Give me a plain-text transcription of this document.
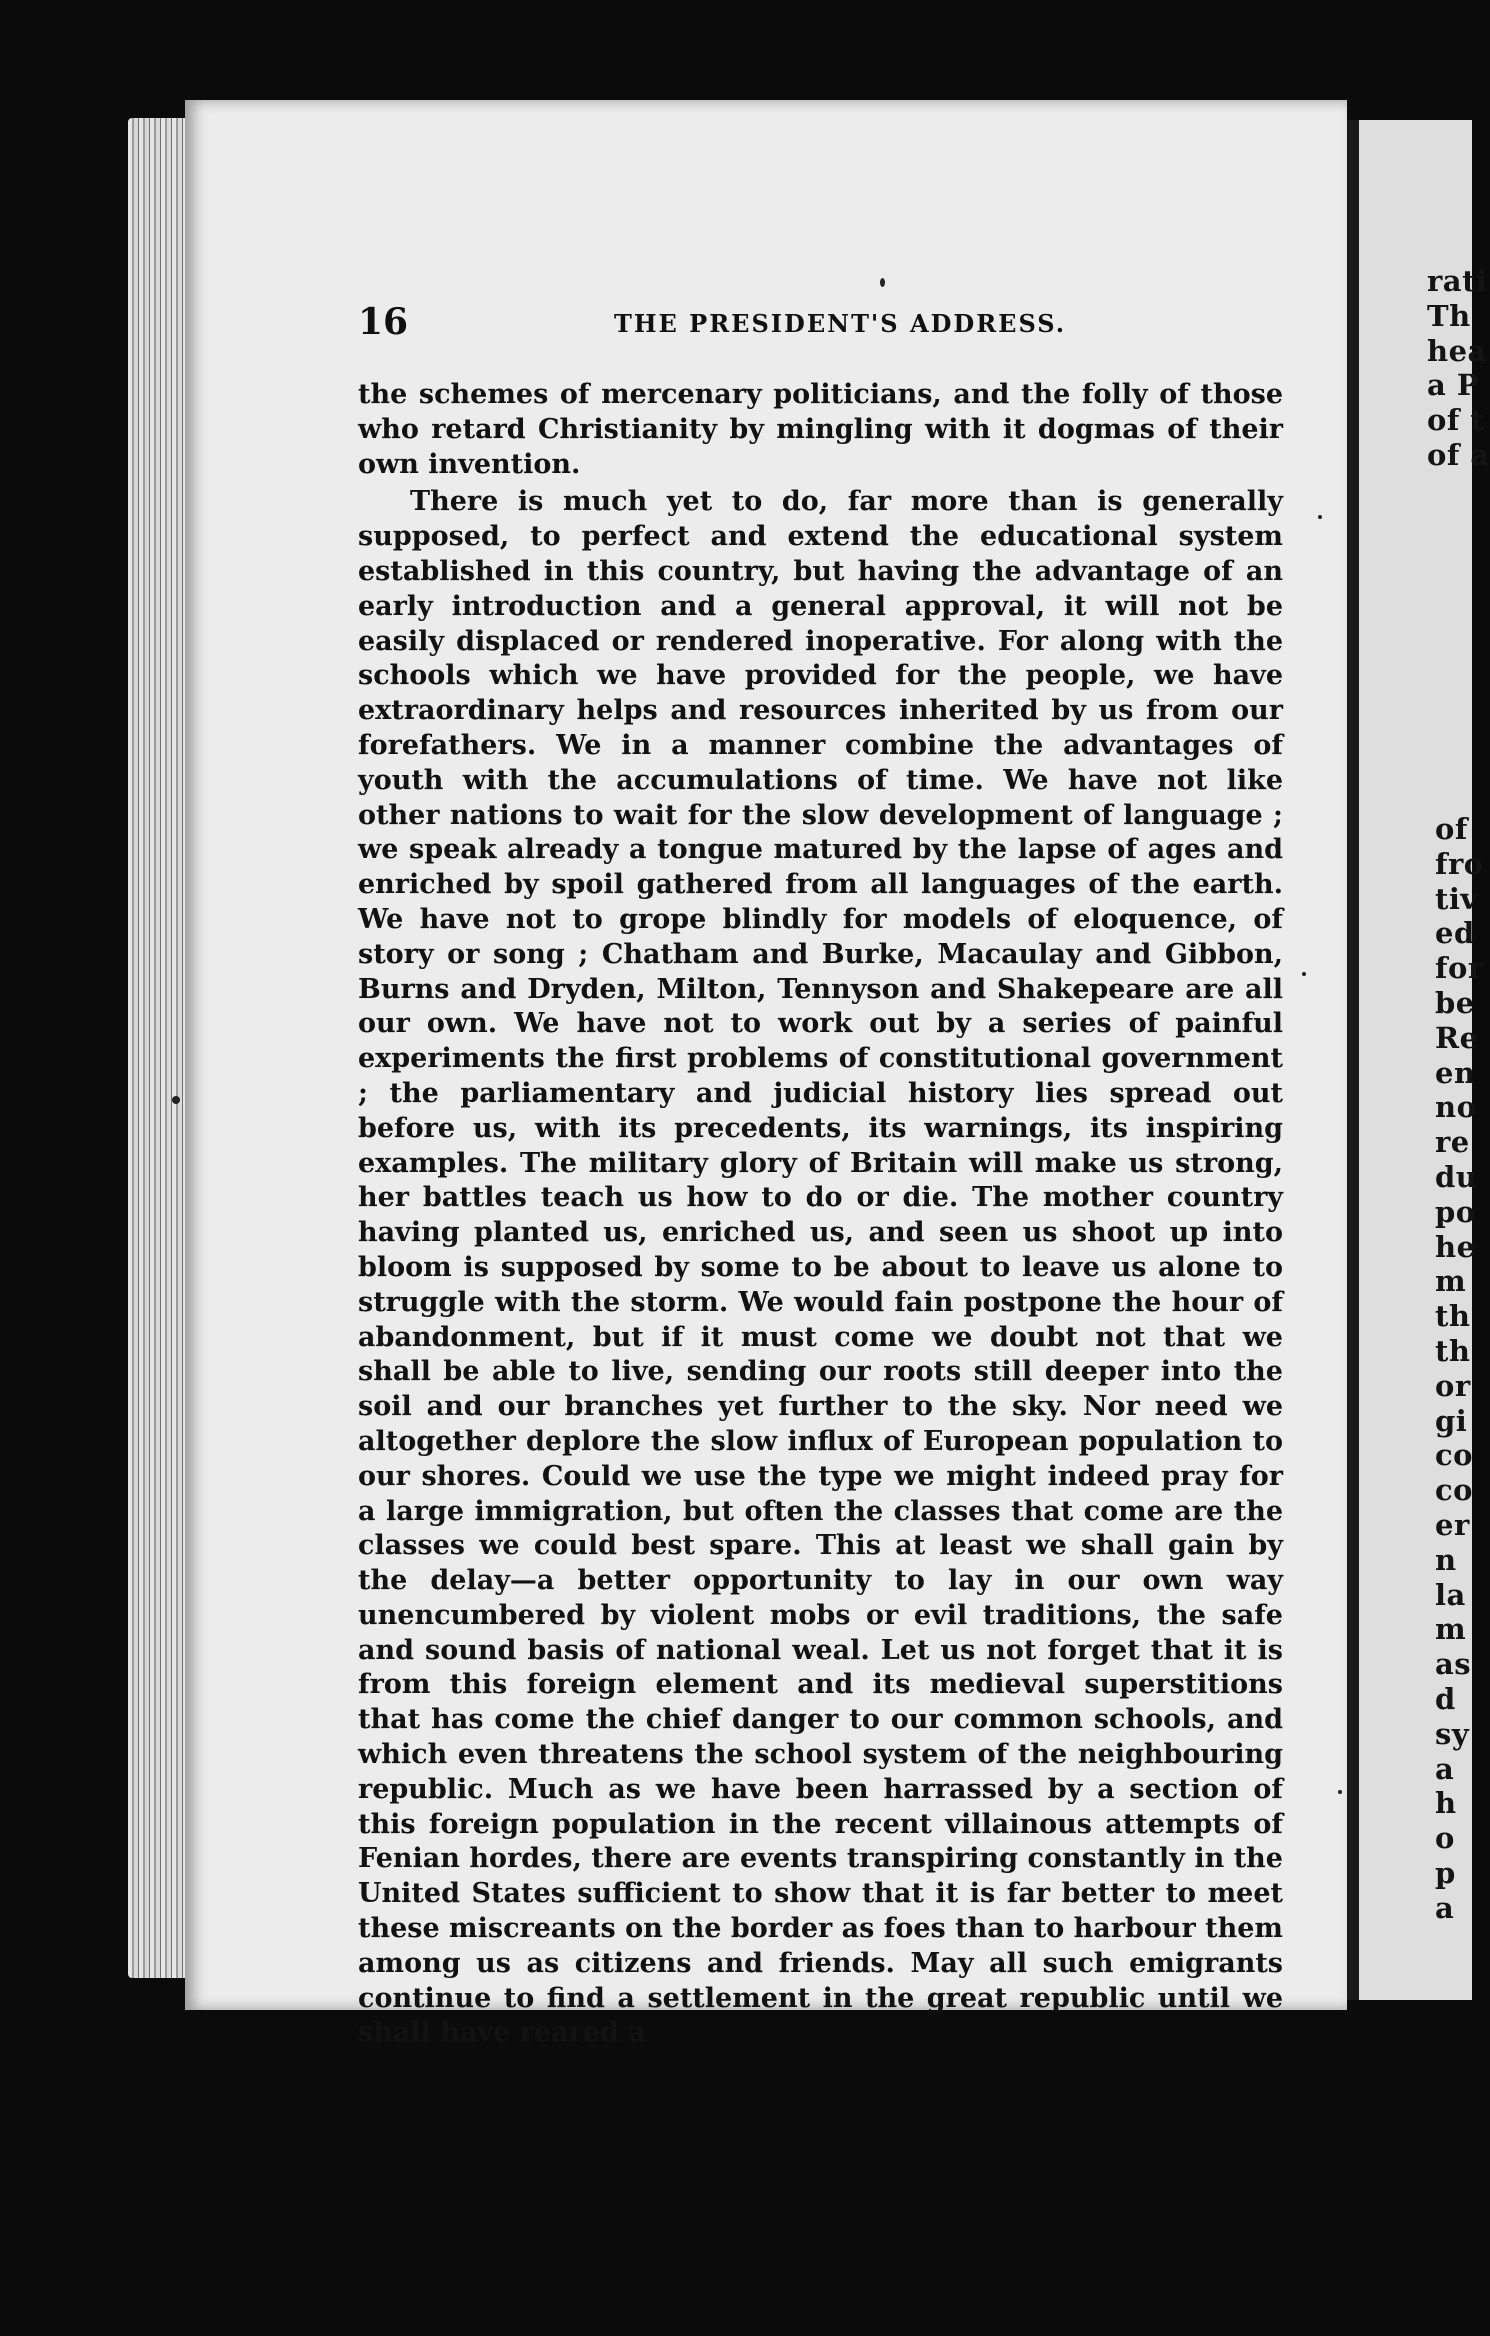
rati
Th
hea
a P
of t
of a
of
fro
tiv
ed
for
be
Re
en
no
re
du
po
he
m
th
th
or
gi
co
co
er
n
la
m
as
d
sy
a
h
o
p
a
16	THE PRESIDENT'S ADDRESS.

the schemes of mercenary politicians, and the folly of those who retard Christianity by mingling with it dogmas of their own invention.

There is much yet to do, far more than is generally supposed, to perfect and extend the educational system established in this country, but having the advantage of an early introduction and a general approval, it will not be easily displaced or rendered inoperative. For along with the schools which we have provided for the people, we have extraordinary helps and resources inherited by us from our forefathers. We in a manner combine the advantages of youth with the accumulations of time. We have not like other nations to wait for the slow development of language ; we speak already a tongue matured by the lapse of ages and enriched by spoil gathered from all languages of the earth. We have not to grope blindly for models of eloquence, of story or song ; Chatham and Burke, Macaulay and Gibbon, Burns and Dryden, Milton, Tennyson and Shakepeare are all our own. We have not to work out by a series of painful experiments the first problems of constitutional government ; the parliamentary and judicial history lies spread out before us, with its precedents, its warnings, its inspiring examples. The military glory of Britain will make us strong, her battles teach us how to do or die. The mother country having planted us, enriched us, and seen us shoot up into bloom is supposed by some to be about to leave us alone to struggle with the storm. We would fain postpone the hour of abandonment, but if it must come we doubt not that we shall be able to live, sending our roots still deeper into the soil and our branches yet further to the sky. Nor need we altogether deplore the slow influx of European population to our shores. Could we use the type we might indeed pray for a large immigration, but often the classes that come are the classes we could best spare. This at least we shall gain by the delay—a better opportunity to lay in our own way unencumbered by violent mobs or evil traditions, the safe and sound basis of national weal. Let us not forget that it is from this foreign element and its medieval superstitions that has come the chief danger to our common schools, and which even threatens the school system of the neighbouring republic. Much as we have been harrassed by a section of this foreign population in the recent villainous attempts of Fenian hordes, there are events transpiring constantly in the United States sufficient to show that it is far better to meet these miscreants on the border as foes than to harbour them among us as citizens and friends. May all such emigrants continue to find a settlement in the great republic until we shall have reared a
